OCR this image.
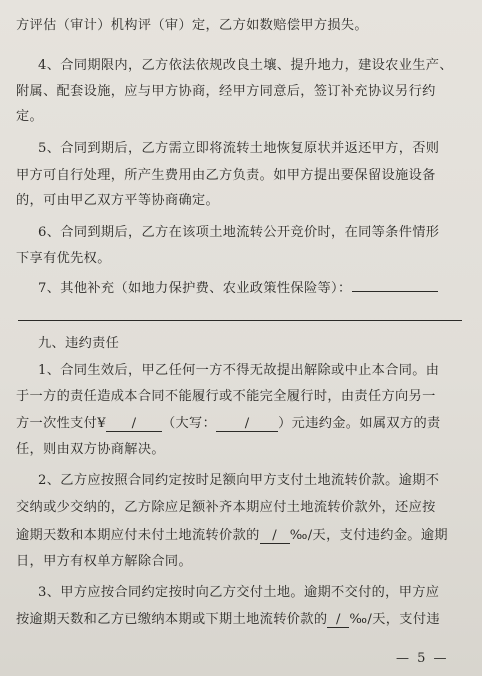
方评估（审计）机构评（审）定，乙方如数赔偿甲方损失。
4、合同期限内，乙方依法依规改良土壤、提升地力，建设农业生产、
附属、配套设施，应与甲方协商，经甲方同意后，签订补充协议另行约
定。
5、合同到期后，乙方需立即将流转土地恢复原状并返还甲方，否则
甲方可自行处理，所产生费用由乙方负责。如甲方提出要保留设施设备
的，可由甲乙双方平等协商确定。
6、合同到期后，乙方在该项土地流转公开竞价时，在同等条件情形
下享有优先权。
7、其他补充（如地力保护费、农业政策性保险等）：
九、违约责任
1、合同生效后，甲乙任何一方不得无故提出解除或中止本合同。由
于一方的责任造成本合同不能履行或不能完全履行时，由责任方向另一
方一次性支付¥ / （大写： / ）元违约金。如属双方的责
任，则由双方协商解决。
2、乙方应按照合同约定按时足额向甲方支付土地流转价款。逾期不
交纳或少交纳的，乙方除应足额补齐本期应付土地流转价款外，还应按
逾期天数和本期应付未付土地流转价款的 / ‰/天，支付违约金。逾期
日，甲方有权单方解除合同。
3、甲方应按合同约定按时向乙方交付土地。逾期不交付的，甲方应
按逾期天数和乙方已缴纳本期或下期土地流转价款的 / ‰/天，支付违
— 5 —
